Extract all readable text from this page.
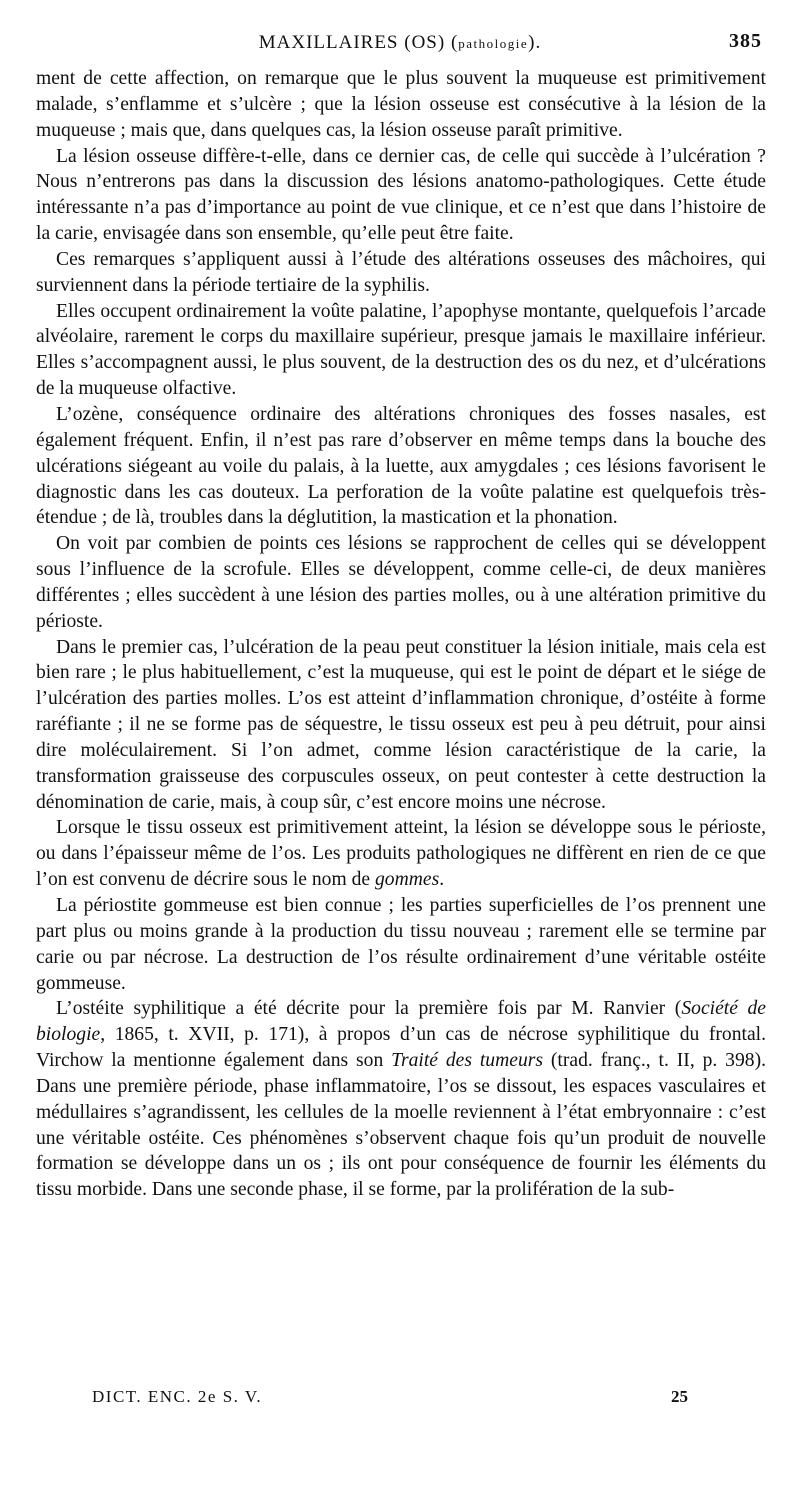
MAXILLAIRES (OS) (pathologie).	385

ment de cette affection, on remarque que le plus souvent la muqueuse est primitivement malade, s’enflamme et s’ulcère ; que la lésion osseuse est consécutive à la lésion de la muqueuse ; mais que, dans quelques cas, la lésion osseuse paraît primitive.

La lésion osseuse diffère-t-elle, dans ce dernier cas, de celle qui succède à l’ulcération ? Nous n’entrerons pas dans la discussion des lésions anatomo-pathologiques. Cette étude intéressante n’a pas d’importance au point de vue clinique, et ce n’est que dans l’histoire de la carie, envisagée dans son ensemble, qu’elle peut être faite.

Ces remarques s’appliquent aussi à l’étude des altérations osseuses des mâchoires, qui surviennent dans la période tertiaire de la syphilis.

Elles occupent ordinairement la voûte palatine, l’apophyse montante, quelquefois l’arcade alvéolaire, rarement le corps du maxillaire supérieur, presque jamais le maxillaire inférieur. Elles s’accompagnent aussi, le plus souvent, de la destruction des os du nez, et d’ulcérations de la muqueuse olfactive.

L’ozène, conséquence ordinaire des altérations chroniques des fosses nasales, est également fréquent. Enfin, il n’est pas rare d’observer en même temps dans la bouche des ulcérations siégeant au voile du palais, à la luette, aux amygdales ; ces lésions favorisent le diagnostic dans les cas douteux. La perforation de la voûte palatine est quelquefois très-étendue ; de là, troubles dans la déglutition, la mastication et la phonation.

On voit par combien de points ces lésions se rapprochent de celles qui se développent sous l’influence de la scrofule. Elles se développent, comme celle-ci, de deux manières différentes ; elles succèdent à une lésion des parties molles, ou à une altération primitive du périoste.

Dans le premier cas, l’ulcération de la peau peut constituer la lésion initiale, mais cela est bien rare ; le plus habituellement, c’est la muqueuse, qui est le point de départ et le siége de l’ulcération des parties molles. L’os est atteint d’inflammation chronique, d’ostéite à forme raréfiante ; il ne se forme pas de séquestre, le tissu osseux est peu à peu détruit, pour ainsi dire moléculairement. Si l’on admet, comme lésion caractéristique de la carie, la transformation graisseuse des corpuscules osseux, on peut contester à cette destruction la dénomination de carie, mais, à coup sûr, c’est encore moins une nécrose.

Lorsque le tissu osseux est primitivement atteint, la lésion se développe sous le périoste, ou dans l’épaisseur même de l’os. Les produits pathologiques ne diffèrent en rien de ce que l’on est convenu de décrire sous le nom de gommes.

La périostite gommeuse est bien connue ; les parties superficielles de l’os prennent une part plus ou moins grande à la production du tissu nouveau ; rarement elle se termine par carie ou par nécrose. La destruction de l’os résulte ordinairement d’une véritable ostéite gommeuse.

L’ostéite syphilitique a été décrite pour la première fois par M. Ranvier (Société de biologie, 1865, t. XVII, p. 171), à propos d’un cas de nécrose syphilitique du frontal. Virchow la mentionne également dans son Traité des tumeurs (trad. franç., t. II, p. 398). Dans une première période, phase inflammatoire, l’os se dissout, les espaces vasculaires et médullaires s’agrandissent, les cellules de la moelle reviennent à l’état embryonnaire : c’est une véritable ostéite. Ces phénomènes s’observent chaque fois qu’un produit de nouvelle formation se développe dans un os ; ils ont pour conséquence de fournir les éléments du tissu morbide. Dans une seconde phase, il se forme, par la prolifération de la sub-

DICT. ENC. 2e S. V.	25
